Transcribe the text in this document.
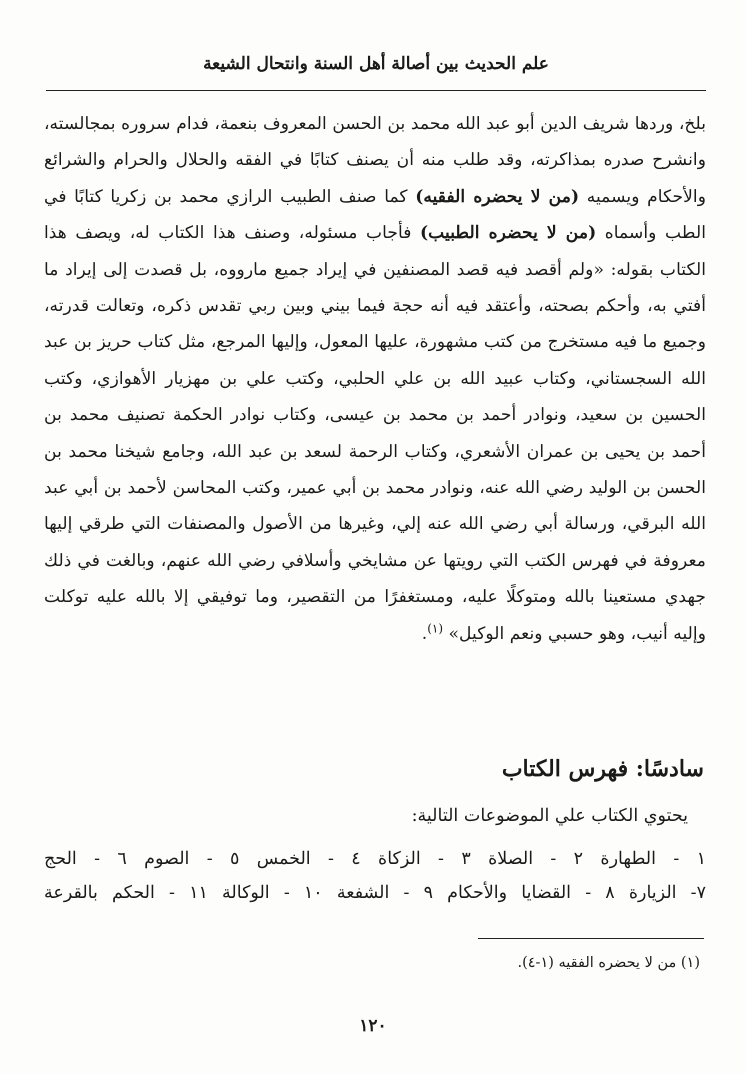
علم الحديث بين أصالة أهل السنة وانتحال الشيعة
بلخ، وردها شريف الدين أبو عبد الله محمد بن الحسن المعروف بنعمة، فدام سروره بمجالسته، وانشرح صدره بمذاكرته، وقد طلب منه أن يصنف كتابًا في الفقه والحلال والحرام والشرائع والأحكام ويسميه (من لا يحضره الفقيه) كما صنف الطبيب الرازي محمد بن زكريا كتابًا في الطب وأسماه (من لا يحضره الطبيب) فأجاب مسئوله، وصنف هذا الكتاب له، ويصف هذا الكتاب بقوله: «ولم أقصد فيه قصد المصنفين في إيراد جميع مارووه، بل قصدت إلى إيراد ما أفتي به، وأحكم بصحته، وأعتقد فيه أنه حجة فيما بيني وبين ربي تقدس ذكره، وتعالت قدرته، وجميع ما فيه مستخرج من كتب مشهورة، عليها المعول، وإليها المرجع، مثل كتاب حريز بن عبد الله السجستاني، وكتاب عبيد الله بن علي الحلبي، وكتب علي بن مهزيار الأهوازي، وكتب الحسين بن سعيد، ونوادر أحمد بن محمد بن عيسى، وكتاب نوادر الحكمة تصنيف محمد بن أحمد بن يحيى بن عمران الأشعري، وكتاب الرحمة لسعد بن عبد الله، وجامع شيخنا محمد بن الحسن بن الوليد رضي الله عنه، ونوادر محمد بن أبي عمير، وكتب المحاسن لأحمد بن أبي عبد الله البرقي، ورسالة أبي رضي الله عنه إلي، وغيرها من الأصول والمصنفات التي طرقي إليها معروفة في فهرس الكتب التي رويتها عن مشايخي وأسلافي رضي الله عنهم، وبالغت في ذلك جهدي مستعينا بالله ومتوكلًا عليه، ومستغفرًا من التقصير، وما توفيقي إلا بالله عليه توكلت وإليه أنيب، وهو حسبي ونعم الوكيل» $^{(١)}$.
سادسًا: فهرس الكتاب
يحتوي الكتاب علي الموضوعات التالية:
١ - الطهارة ٢ - الصلاة ٣ - الزكاة ٤ - الخمس ٥ - الصوم ٦ - الحج
٧- الزيارة ٨ - القضايا والأحكام ٩ - الشفعة ١٠ - الوكالة ١١ - الحكم بالقرعة
(١) من لا يحضره الفقيه (١-٤).
١٢٠
